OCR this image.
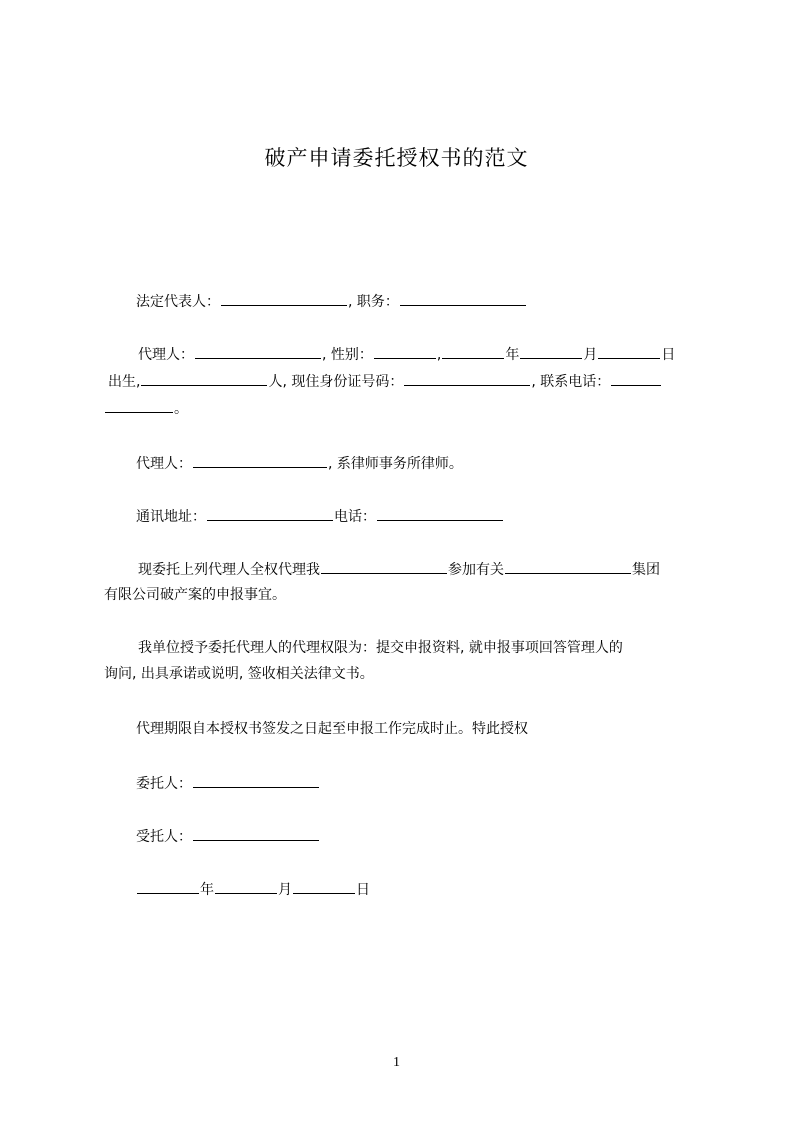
破产申请委托授权书的范文
法定代表人：	, 职务：
代理人：	, 性别：	,	年	月	日
出生,	人, 现住身份证号码：	, 联系电话：
。
代理人：	, 系律师事务所律师。
通讯地址：	电话：
现委托上列代理人全权代理我	参加有关	集团
有限公司破产案的申报事宜。
我单位授予委托代理人的代理权限为：提交申报资料, 就申报事项回答管理人的
询问, 出具承诺或说明, 签收相关法律文书。
代理期限自本授权书签发之日起至申报工作完成时止。特此授权
委托人：
受托人：
年	月	日
1
